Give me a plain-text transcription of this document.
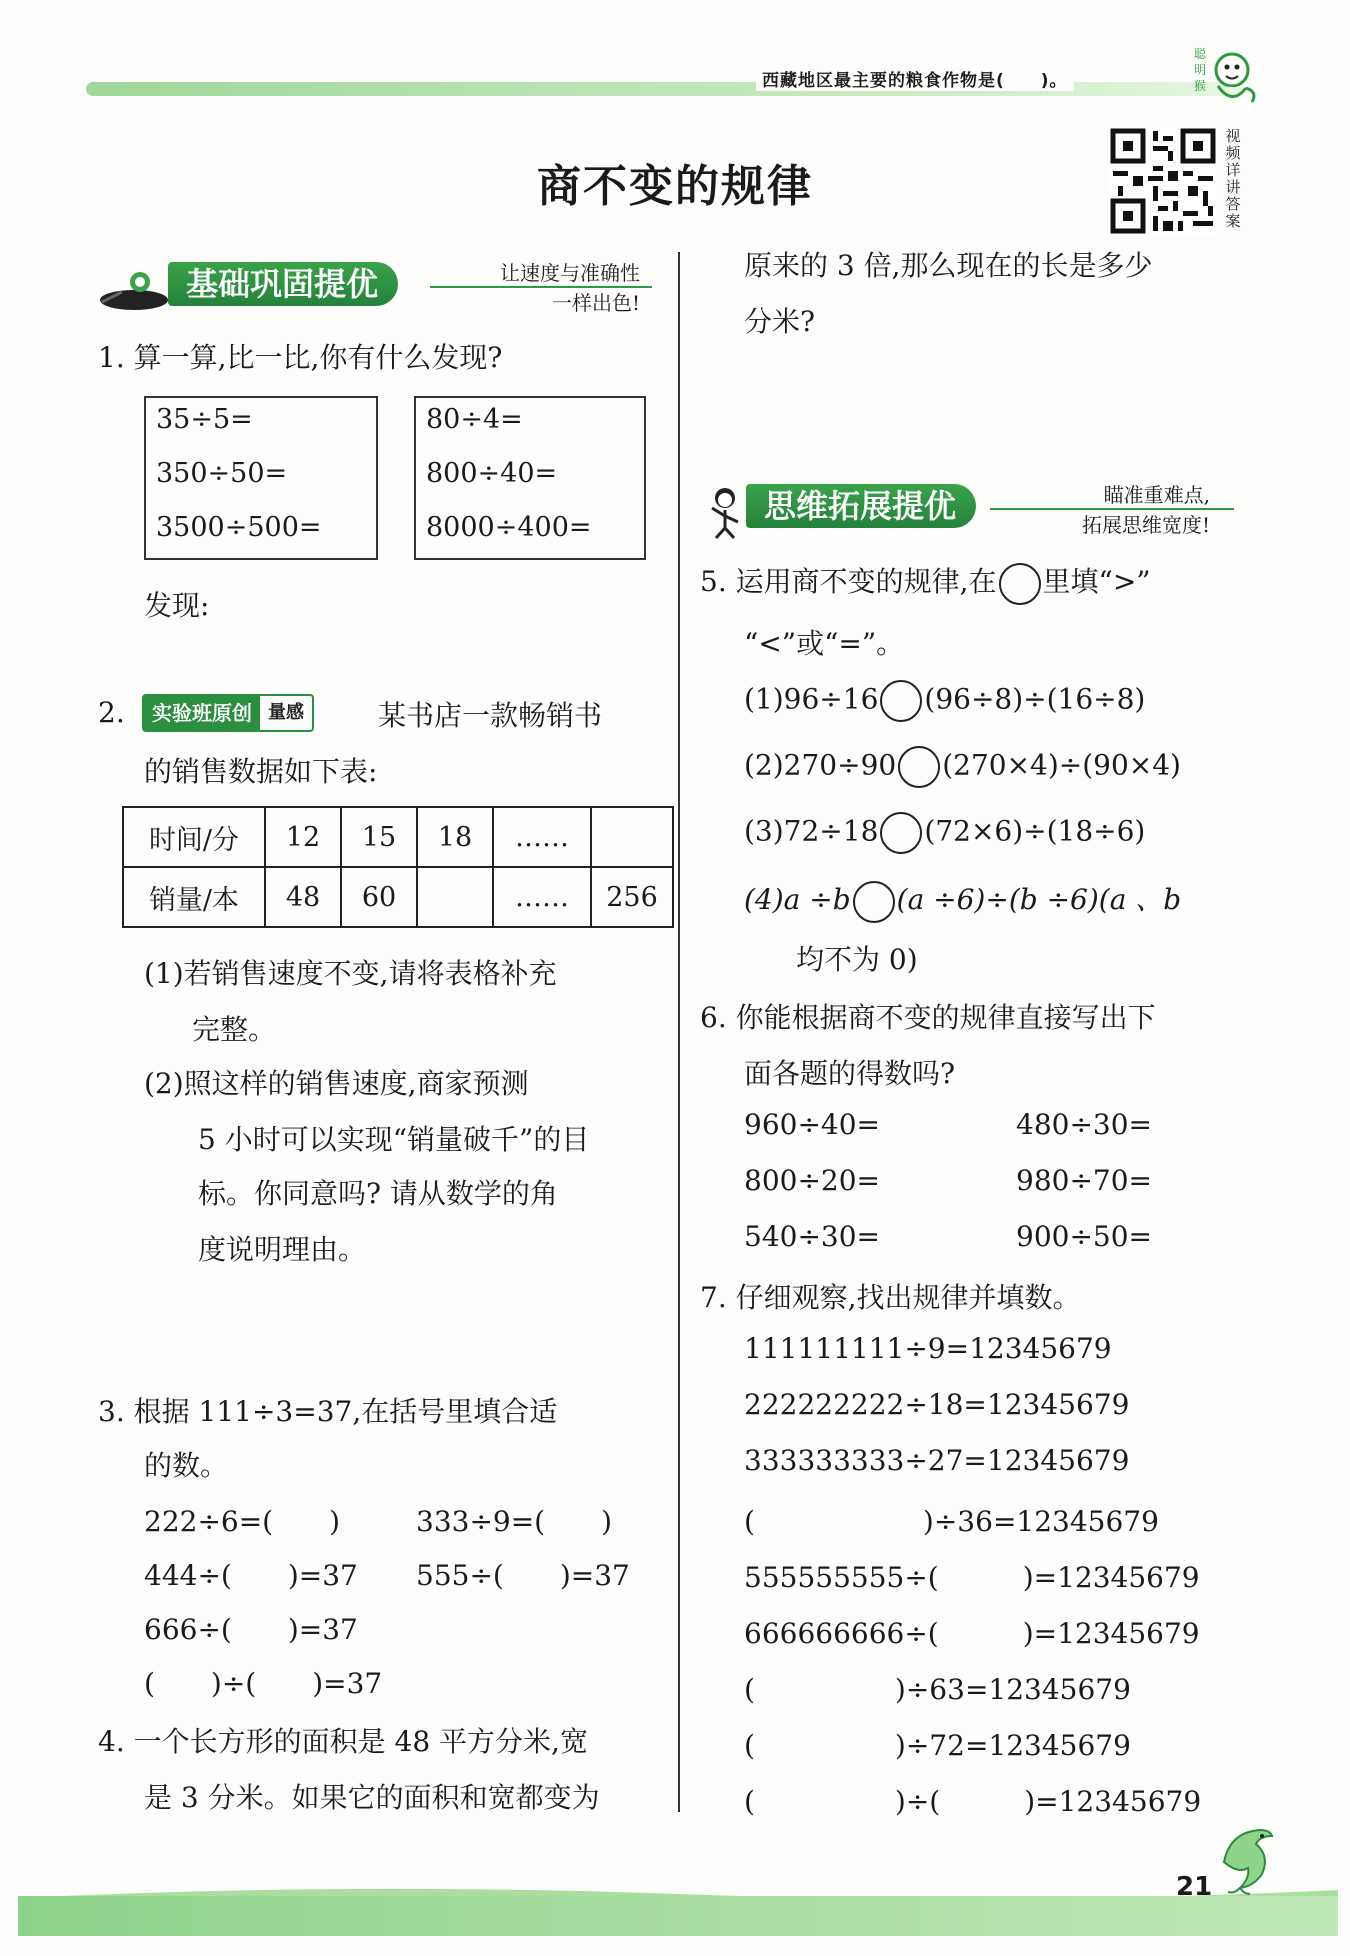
西藏地区最主要的粮食作物是(　　)。
聪
明
猴
商不变的规律
视频详讲答案
基础巩固提优	让速度与准确性
一样出色!
1. 算一算,比一比,你有什么发现?
35÷5=
350÷50=
3500÷500=
80÷4=
800÷40=
8000÷400=
发现:
2.	实验班原创 量感	某书店一款畅销书
的销售数据如下表:
时间/分	12	15	18	……	
销量/本	48	60		……	256
(1)若销售速度不变,请将表格补充
完整。
(2)照这样的销售速度,商家预测
5 小时可以实现“销量破千”的目
标。你同意吗? 请从数学的角
度说明理由。
3. 根据 111÷3=37,在括号里填合适
的数。
222÷6=(　　)	333÷9=(　　)
444÷(　　)=37 555÷(　　)=37
666÷(　　)=37
(　　)÷(　　)=37
4. 一个长方形的面积是 48 平方分米,宽
是 3 分米。如果它的面积和宽都变为
原来的 3 倍,那么现在的长是多少
分米?
思维拓展提优	瞄准重难点,
拓展思维宽度!
5. 运用商不变的规律,在 里填“>”
“<”或“=”。
(1)96÷16 (96÷8)÷(16÷8)
(2)270÷90 (270×4)÷(90×4)
(3)72÷18 (72×6)÷(18÷6)
(4)a ÷b (a ÷6)÷(b ÷6)(a 、b
均不为 0)
6. 你能根据商不变的规律直接写出下
面各题的得数吗?
960÷40=	480÷30=
800÷20=	980÷70=
540÷30=	900÷50=
7. 仔细观察,找出规律并填数。
111111111÷9=12345679
222222222÷18=12345679
333333333÷27=12345679
(　　　　　　)÷36=12345679
555555555÷(　　　)=12345679
666666666÷(　　　)=12345679
(　　　　　)÷63=12345679
(　　　　　)÷72=12345679
(　　　　　)÷(　　　)=12345679
21
